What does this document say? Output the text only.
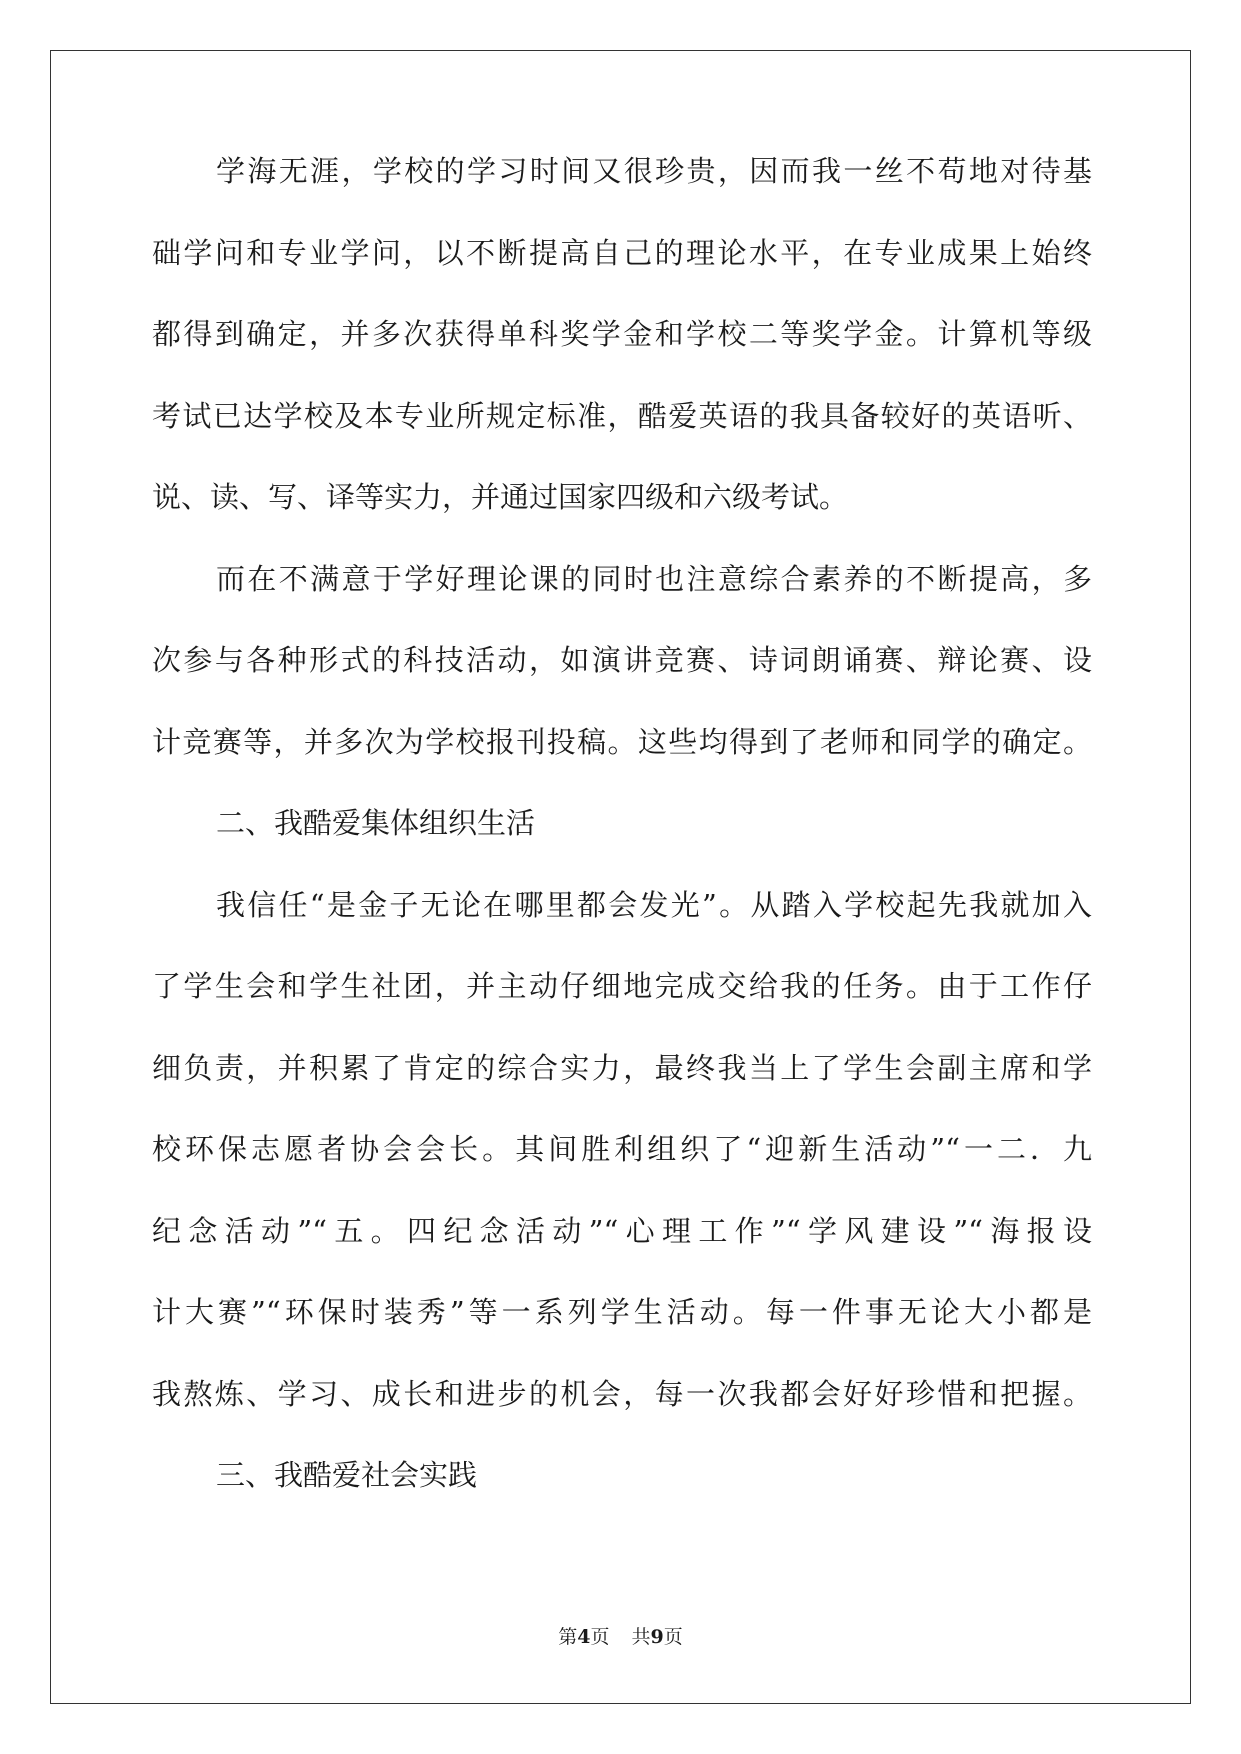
学海无涯，学校的学习时间又很珍贵，因而我一丝不苟地对待基
础学问和专业学问，以不断提高自己的理论水平，在专业成果上始终
都得到确定，并多次获得单科奖学金和学校二等奖学金。计算机等级
考试已达学校及本专业所规定标准，酷爱英语的我具备较好的英语听、
说、读、写、译等实力，并通过国家四级和六级考试。
而在不满意于学好理论课的同时也注意综合素养的不断提高，多
次参与各种形式的科技活动，如演讲竞赛、诗词朗诵赛、辩论赛、设
计竞赛等，并多次为学校报刊投稿。这些均得到了老师和同学的确定。
二、我酷爱集体组织生活
我信任“是金子无论在哪里都会发光”。从踏入学校起先我就加入
了学生会和学生社团，并主动仔细地完成交给我的任务。由于工作仔
细负责，并积累了肯定的综合实力，最终我当上了学生会副主席和学
校环保志愿者协会会长。其间胜利组织了“迎新生活动”“一二．九
纪念活动”“五。四纪念活动”“心理工作”“学风建设”“海报设
计大赛”“环保时装秀”等一系列学生活动。每一件事无论大小都是
我熬炼、学习、成长和进步的机会，每一次我都会好好珍惜和把握。
三、我酷爱社会实践
第4页 共9页
